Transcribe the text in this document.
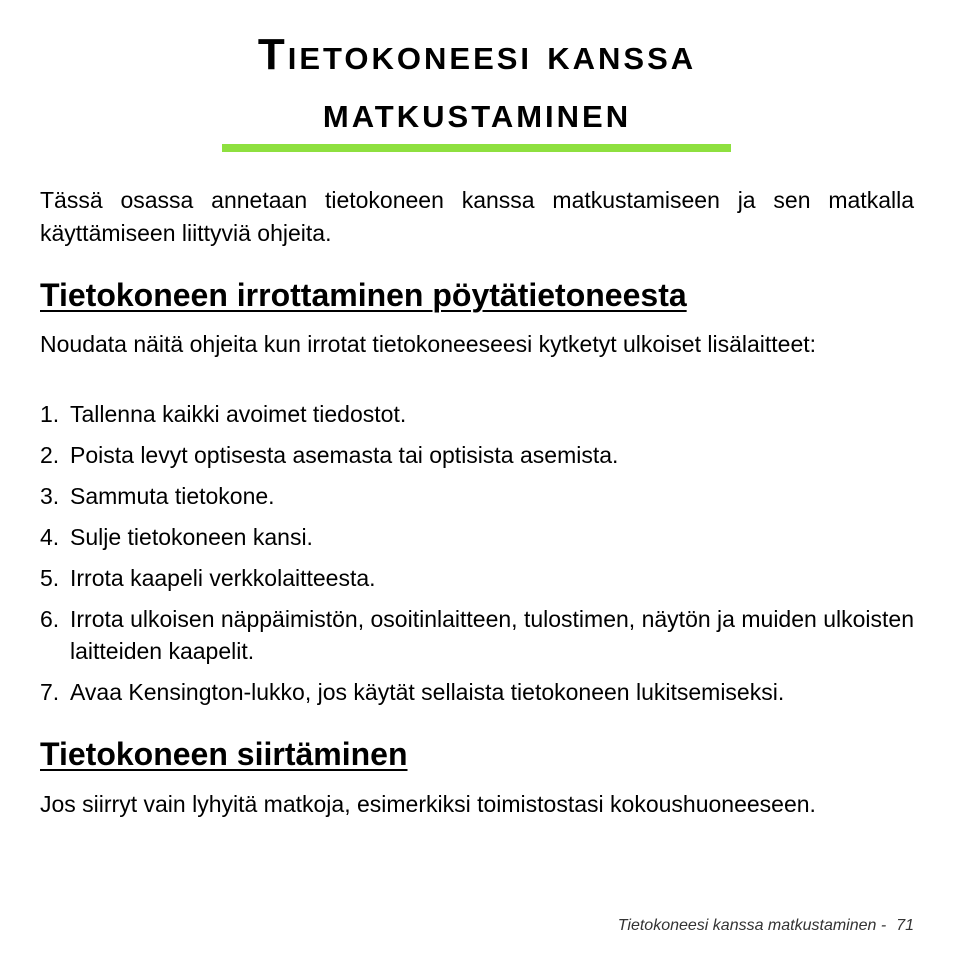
Tietokoneesi kanssa
matkustaminen

Tässä osassa annetaan tietokoneen kanssa matkustamiseen ja sen matkalla käyttämiseen liittyviä ohjeita.

Tietokoneen irrottaminen pöytätietoneesta

Noudata näitä ohjeita kun irrotat tietokoneeseesi kytketyt ulkoiset lisälaitteet:

1. Tallenna kaikki avoimet tiedostot.
2. Poista levyt optisesta asemasta tai optisista asemista.
3. Sammuta tietokone.
4. Sulje tietokoneen kansi.
5. Irrota kaapeli verkkolaitteesta.
6. Irrota ulkoisen näppäimistön, osoitinlaitteen, tulostimen, näytön ja muiden ulkoisten laitteiden kaapelit.
7. Avaa Kensington-lukko, jos käytät sellaista tietokoneen lukitsemiseksi.
Tietokoneen siirtäminen

Jos siirryt vain lyhyitä matkoja, esimerkiksi toimistostasi kokoushuoneeseen.

Tietokoneesi kanssa matkustaminen - 71
